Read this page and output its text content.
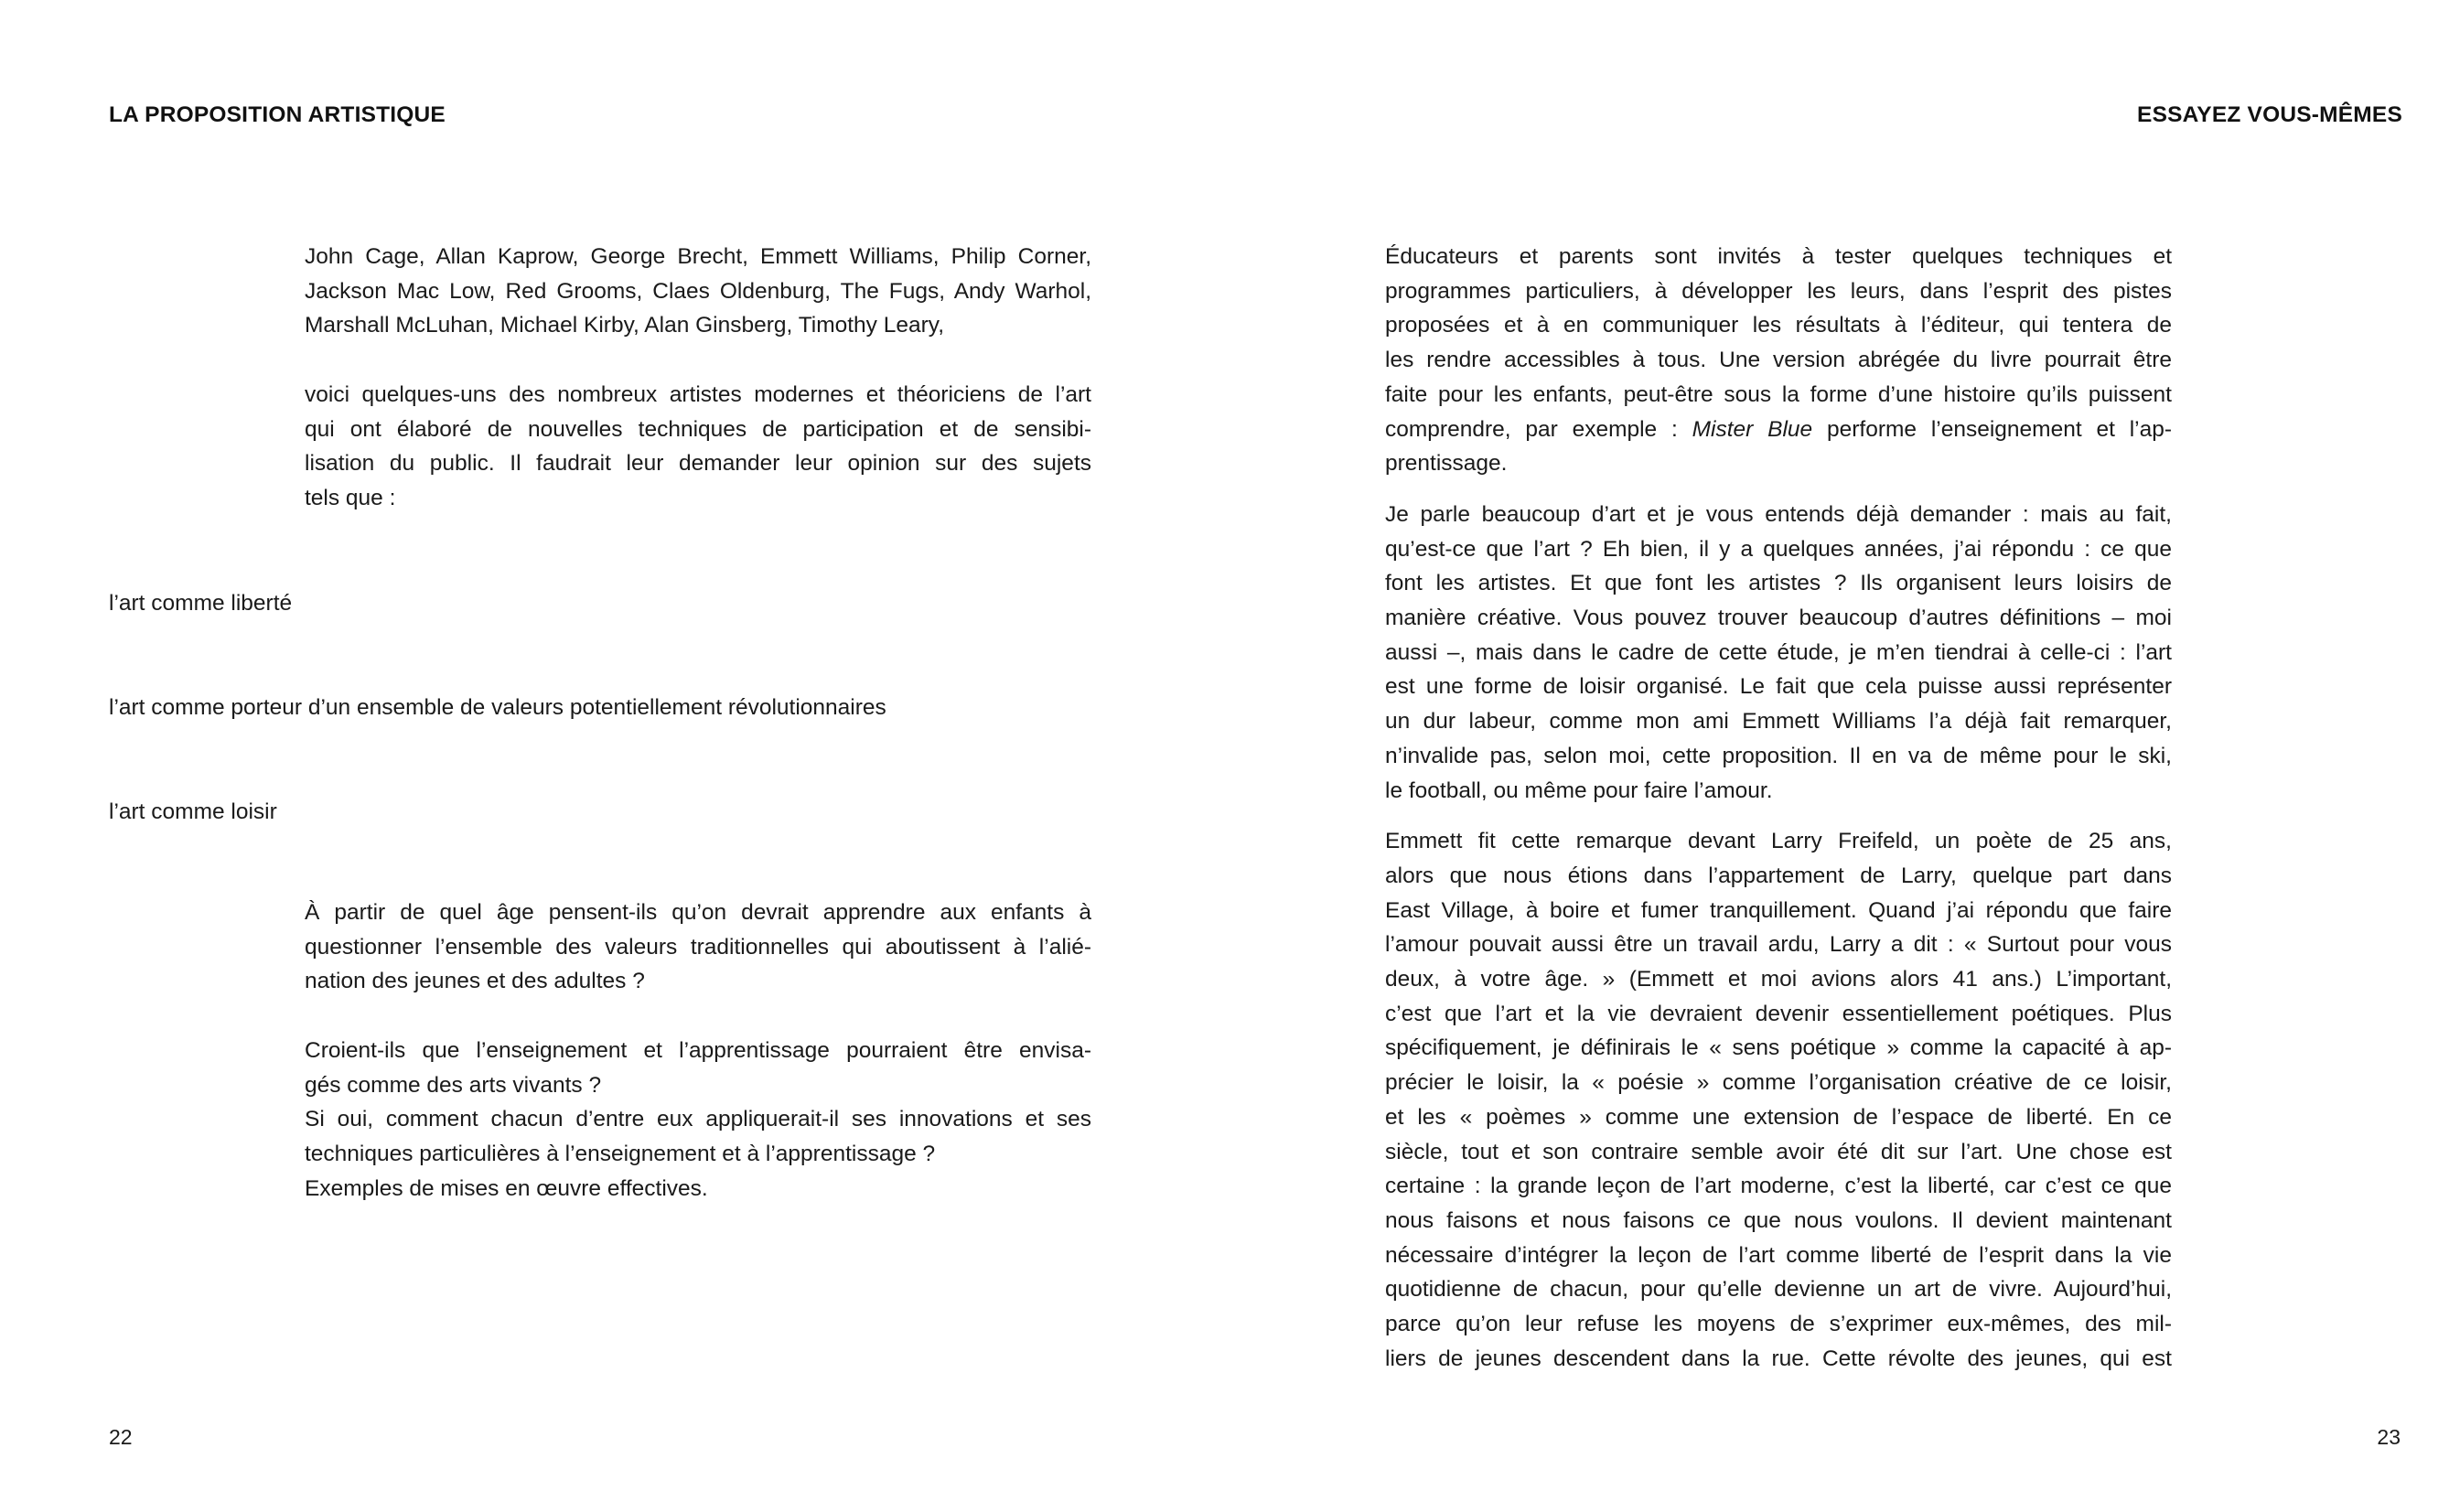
LA PROPOSITION ARTISTIQUE
John Cage, Allan Kaprow, George Brecht, Emmett Williams, Philip Corner,
Jackson Mac Low, Red Grooms, Claes Oldenburg, The Fugs, Andy Warhol,
Marshall McLuhan, Michael Kirby, Alan Ginsberg, Timothy Leary,
voici quelques-uns des nombreux artistes modernes et théoriciens de l’art
qui ont élaboré de nouvelles techniques de participation et de sensibi-
lisation du public. Il faudrait leur demander leur opinion sur des sujets
tels que :
l’art comme liberté
l’art comme porteur d’un ensemble de valeurs potentiellement révolutionnaires
l’art comme loisir
À partir de quel âge pensent-ils qu’on devrait apprendre aux enfants à
questionner l’ensemble des valeurs traditionnelles qui aboutissent à l’alié-
nation des jeunes et des adultes ?
Croient-ils que l’enseignement et l’apprentissage pourraient être envisa-
gés comme des arts vivants ?
Si oui, comment chacun d’entre eux appliquerait-il ses innovations et ses
techniques particulières à l’enseignement et à l’apprentissage ?
Exemples de mises en œuvre effectives.
22
ESSAYEZ VOUS-MÊMES

Éducateurs et parents sont invités à tester quelques techniques et
programmes particuliers, à développer les leurs, dans l’esprit des pistes
proposées et à en communiquer les résultats à l’éditeur, qui tentera de
les rendre accessibles à tous. Une version abrégée du livre pourrait être
faite pour les enfants, peut-être sous la forme d’une histoire qu’ils puissent
comprendre, par exemple : Mister Blue performe l’enseignement et l’ap-
prentissage.

Je parle beaucoup d’art et je vous entends déjà demander : mais au fait,
qu’est-ce que l’art ? Eh bien, il y a quelques années, j’ai répondu : ce que
font les artistes. Et que font les artistes ? Ils organisent leurs loisirs de
manière créative. Vous pouvez trouver beaucoup d’autres définitions – moi
aussi –, mais dans le cadre de cette étude, je m’en tiendrai à celle-ci : l’art
est une forme de loisir organisé. Le fait que cela puisse aussi représenter
un dur labeur, comme mon ami Emmett Williams l’a déjà fait remarquer,
n’invalide pas, selon moi, cette proposition. Il en va de même pour le ski,
le football, ou même pour faire l’amour.

Emmett fit cette remarque devant Larry Freifeld, un poète de 25 ans,
alors que nous étions dans l’appartement de Larry, quelque part dans
East Village, à boire et fumer tranquillement. Quand j’ai répondu que faire
l’amour pouvait aussi être un travail ardu, Larry a dit : « Surtout pour vous
deux, à votre âge. » (Emmett et moi avions alors 41 ans.) L’important,
c’est que l’art et la vie devraient devenir essentiellement poétiques. Plus
spécifiquement, je définirais le « sens poétique » comme la capacité à ap-
précier le loisir, la « poésie » comme l’organisation créative de ce loisir,
et les « poèmes » comme une extension de l’espace de liberté. En ce
siècle, tout et son contraire semble avoir été dit sur l’art. Une chose est
certaine : la grande leçon de l’art moderne, c’est la liberté, car c’est ce que
nous faisons et nous faisons ce que nous voulons. Il devient maintenant
nécessaire d’intégrer la leçon de l’art comme liberté de l’esprit dans la vie
quotidienne de chacun, pour qu’elle devienne un art de vivre. Aujourd’hui,
parce qu’on leur refuse les moyens de s’exprimer eux-mêmes, des mil-
liers de jeunes descendent dans la rue. Cette révolte des jeunes, qui est

23
